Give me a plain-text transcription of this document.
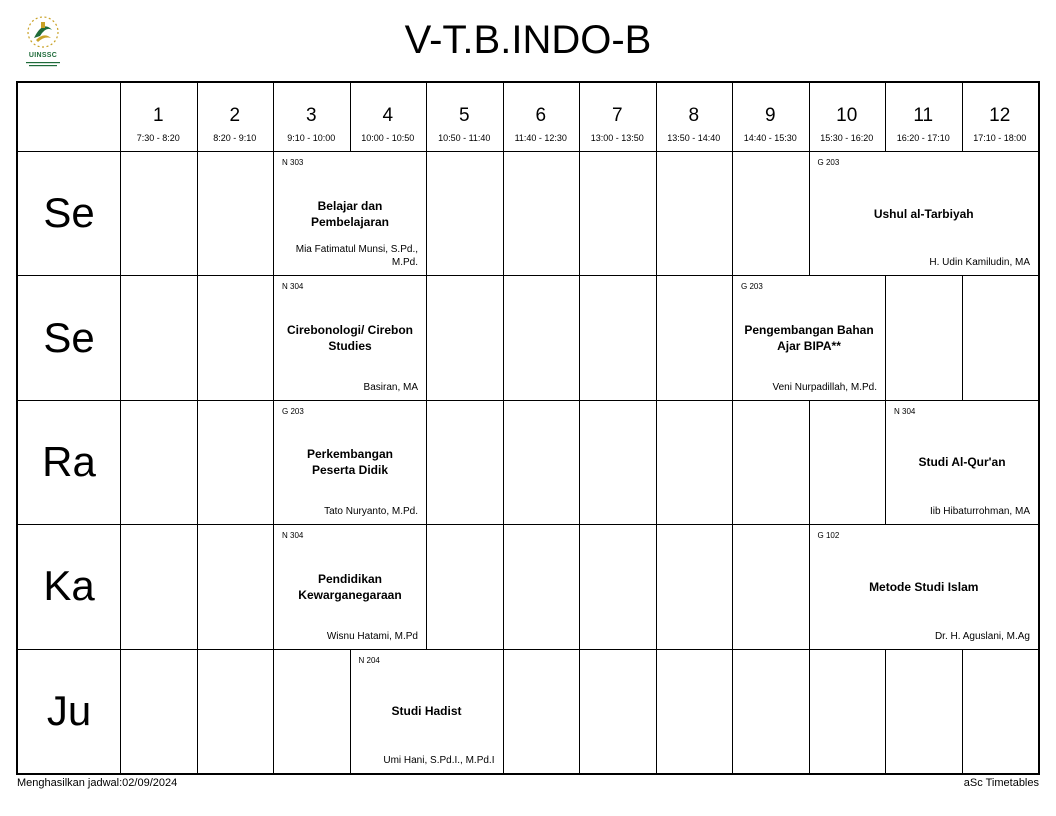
UINSSC	V-T.B.INDO-B
1
7:30 - 8:20
2
8:20 - 9:10
3
9:10 - 10:00
4
10:00 - 10:50
5
10:50 - 11:40
6
11:40 - 12:30
7
13:00 - 13:50
8
13:50 - 14:40
9
14:40 - 15:30
10
15:30 - 16:20
11
16:20 - 17:10
12
17:10 - 18:00
Se
Se
Ra
Ka
Ju
N 303
Belajar dan Pembelajaran
Mia Fatimatul Munsi, S.Pd., M.Pd.
G 203
Ushul al-Tarbiyah
H. Udin Kamiludin, MA
N 304
Cirebonologi/ Cirebon Studies
Basiran, MA
G 203
Pengembangan Bahan Ajar BIPA**
Veni Nurpadillah, M.Pd.
G 203
Perkembangan Peserta Didik
Tato Nuryanto, M.Pd.
N 304
Studi Al-Qur'an
Iib Hibaturrohman, MA
N 304
Pendidikan Kewarganegaraan
Wisnu Hatami, M.Pd
G 102
Metode Studi Islam
Dr. H. Aguslani, M.Ag
N 204
Studi Hadist
Umi Hani, S.Pd.I., M.Pd.I
Menghasilkan jadwal:02/09/2024	aSc Timetables
